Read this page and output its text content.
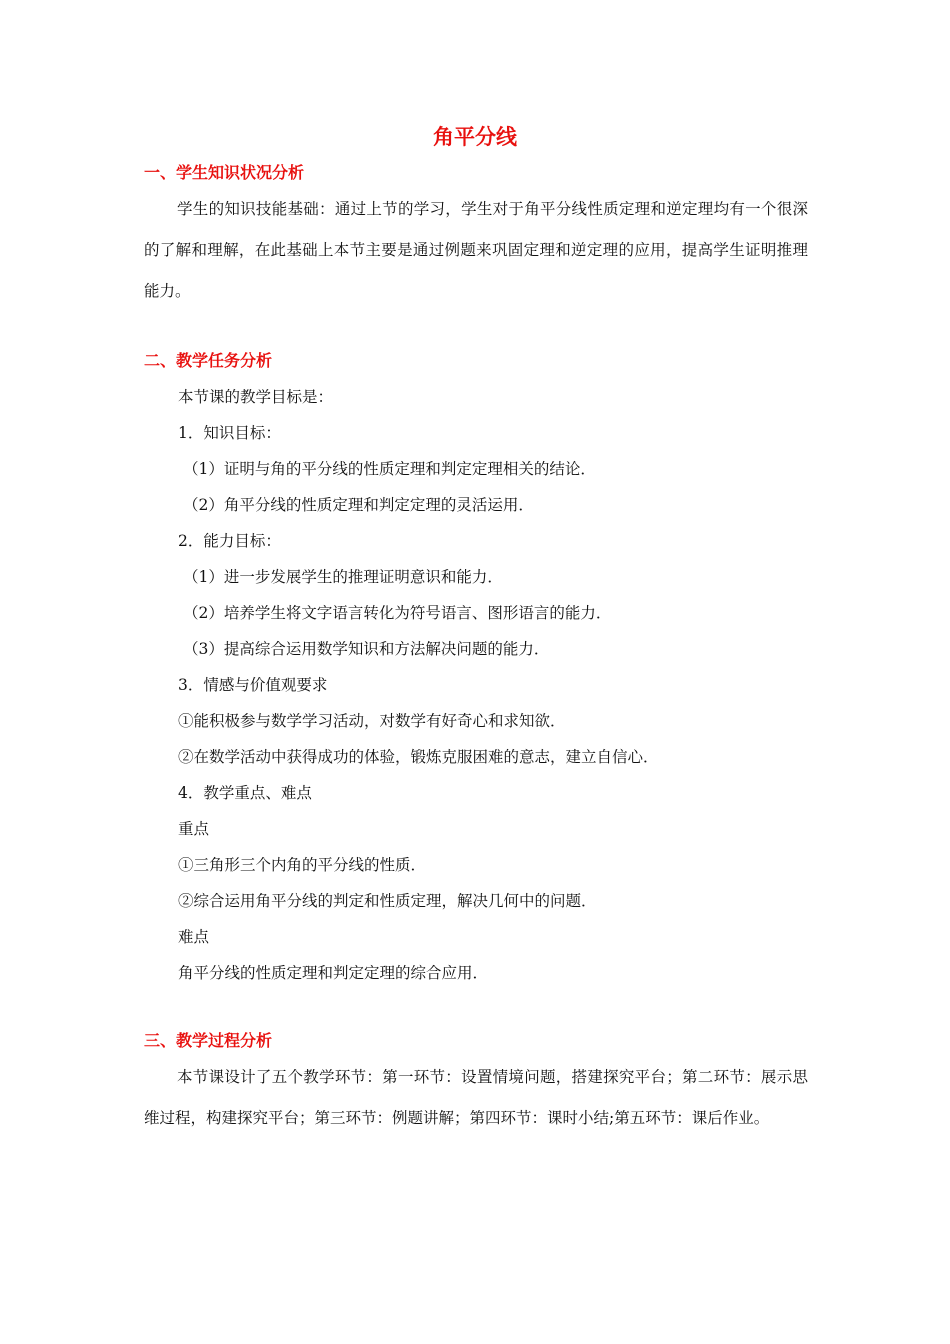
角平分线
一、学生知识状况分析
学生的知识技能基础：通过上节的学习，学生对于角平分线性质定理和逆定理均有一个很深的了解和理解，在此基础上本节主要是通过例题来巩固定理和逆定理的应用，提高学生证明推理能力。
二、教学任务分析
本节课的教学目标是：
1．知识目标：
（1）证明与角的平分线的性质定理和判定定理相关的结论．
（2）角平分线的性质定理和判定定理的灵活运用．
2．能力目标：
（1）进一步发展学生的推理证明意识和能力．
（2）培养学生将文字语言转化为符号语言、图形语言的能力．
（3）提高综合运用数学知识和方法解决问题的能力．
3．情感与价值观要求
①能积极参与数学学习活动，对数学有好奇心和求知欲．
②在数学活动中获得成功的体验，锻炼克服困难的意志，建立自信心．
4．教学重点、难点
重点
①三角形三个内角的平分线的性质．
②综合运用角平分线的判定和性质定理，解决几何中的问题．
难点
角平分线的性质定理和判定定理的综合应用．
三、教学过程分析
本节课设计了五个教学环节：第一环节：设置情境问题，搭建探究平台；第二环节：展示思维过程，构建探究平台；第三环节：例题讲解；第四环节：课时小结;第五环节：课后作业。
